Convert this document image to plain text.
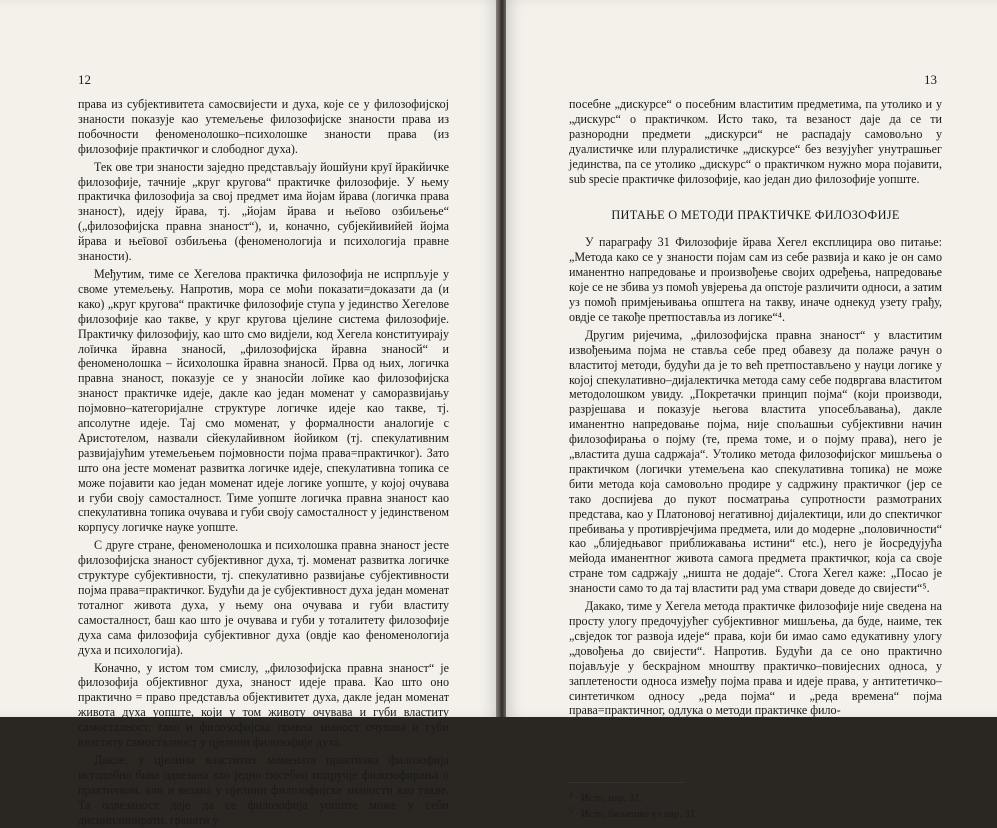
12

права из субјективитета самосвијести и духа, које се у филозофијској знаности показује као утемељење филозофијске знаности права из побочности феноменолошко–психолошке знаности права (из филозофије практичког и слободног духа).

Тек ове три знаности заједно представљају йошйуни круī йракйичке филозофије, тачније „круг кругова“ практичке филозофије. У њему практичка филозофија за свој предмет има йојам йрава (логичка права знаност), идеју йрава, тј. „йојам йрава и њеīово озбиљење“ („филозофијска правна знаност“), и, коначно, субјекйивийей йојма йрава и њеīовоī озбиљења (феноменологија и психологија правне знаности).

Међутим, тиме се Хегелова практичка филозофија не испрпљује у своме утемељењу. Напротив, мора се моћи показати=доказати да (и како) „круг кругова“ практичке филозофије ступа у јединство Хегелове филозофије као такве, у круг кругова цјелине система филозофије. Практичку филозофију, као што смо видјели, код Хегела конституирају лоīичка йравна знаносй, „филозофијска йравна знаносй“ и феноменолошка – йсихолошка йравна знаносй. Прва од њих, логичка правна знаност, показује се у знаносйи лоīике као филозофијска знаност практичке идеје, дакле као један моменат у саморазвијању појмовно–категоријалне структуре логичке идеје као такве, тј. апсолутне идеје. Тај смо моменат, у формалности аналогије с Аристотелом, назвали сйекулайивном йойиком (тј. спекулативним развијајућим утемељењем појмовности појма права=практичког). Зато што она јесте моменат развитка логичке идеје, спекулативна топика се може појавити као један моменат идеје логике уопште, у којој очувава и губи своју самосталност. Тиме уопште логичка правна знаност као спекулативна топика очувава и губи своју самосталност у јединственом корпусу логичке науке уопште.

С друге стране, феноменолошка и психолошка правна знаност јесте филозофијска знаност субјективног духа, тј. моменат развитка логичке структуре субјективности, тј. спекулативно развијање субјективности појма права=практичког. Будући да је субјективност духа један моменат тоталног живота духа, у њему она очувава и губи властиту самосталност, баш као што је очувава и губи у тоталитету филозофије духа сама филозофија субјективног духа (овдје као феноменологија духа и психологија).

Коначно, у истом том смислу, „филозофијска правна знаност“ је филозофија објективног духа, знаност идеје права. Као што оно практично = право представља објективитет духа, дакле један моменат живота духа уопште, који у том животу очувава и губи властиту самосталност, тако и филозофијска правна знаност очувава и губи властиту самосталност у цјелини филозофије духа.

Дакле, у цјелини властитих момената практичка филозофија истодобно бива одвезана као једно посебно подручје филозофирања о практичком, али и везана у цјелини филозофијске знаности као такве. Та одвезаност даје да се филозофија уопште може у себи дисциплинирати, гранати у

13

посебне „дискурсе“ о посебним властитим предметима, па утолико и у „дискурс“ о практичком. Исто тако, та везаност даје да се ти разнородни предмети „дискурси“ не распадају самовољно у дуалистичке или плуралистичке „дискурсе“ без везујућег унутрашњег јединства, па се утолико „дискурс“ о практичком нужно мора појавити, sub specie практичке филозофије, као један дио филозофије уопште.

ПИТАЊЕ О МЕТОДИ ПРАКТИЧКЕ ФИЛОЗОФИЈЕ

У параграфу 31 Филозофије йрава Хегел експлицира ово питање: „Метода како се у знаности појам сам из себе развија и како је он само иманентно напредовање и произвођење својих одређења, напредовање које се не збива уз помоћ увјерења да опстоје различити односи, а затим уз помоћ примјењивања општега на такву, иначе однекуд узету грађу, овдје се такође претпоставља из логике“⁴.

Другим ријечима, „филозофијска правна знаност“ у властитим извођењима појма не ставља себе пред обавезу да полаже рачун о властитој методи, будући да је то већ претпостављено у науци логике у којој спекулативно–дијалектичка метода саму себе подвргава властитом методолошком увиду. „Покретачки принцип појма“ (који производи, разрјешава и показује његова властита упосебљавања), дакле иманентно напредовање појма, није спољашњи субјективни начин филозофирања о појму (те, према томе, и о појму права), него је „властита душа садржаја“. Утолико метода филозофијског мишљења о практичком (логички утемељена као спекулативна топика) не може бити метода која самовољно продире у садржину практичког (јер се тако доспијева до пукот посматрања супротности размотраних представа, као у Платоновој негативној дијалектици, или до спектичког пребивања у противрјечјима предмета, или до модерне „половичности“ као „блиједњавог приближавања истини“ etc.), него је йосредујућа мейода иманентног живота самога предмета практичког, која са своје стране том садржају „ништа не додаје“. Стога Хегел каже: „Посао је знаности само то да тај властити рад ума ствари доведе до свијести“⁵.

Дакако, тиме у Хегела метода практичке филозофије није сведена на просту улогу предочујућег субјективног мишљења, да буде, наиме, тек „свједок тог развоја идеје“ права, који би имао само едукативну улогу „довођења до свијести“. Напротив. Будући да се оно практично појављује у бескрајном мноштву практичко–повијесних односа, у заплетености односа између појма права и идеје права, у антитетичко–синтетичком односу „реда појма“ и „реда времена“ појма права=практичног, одлука о методи практичке фило-

4 Исто, пар. 31.
5 Исто, биљешке уз пар. 31.
